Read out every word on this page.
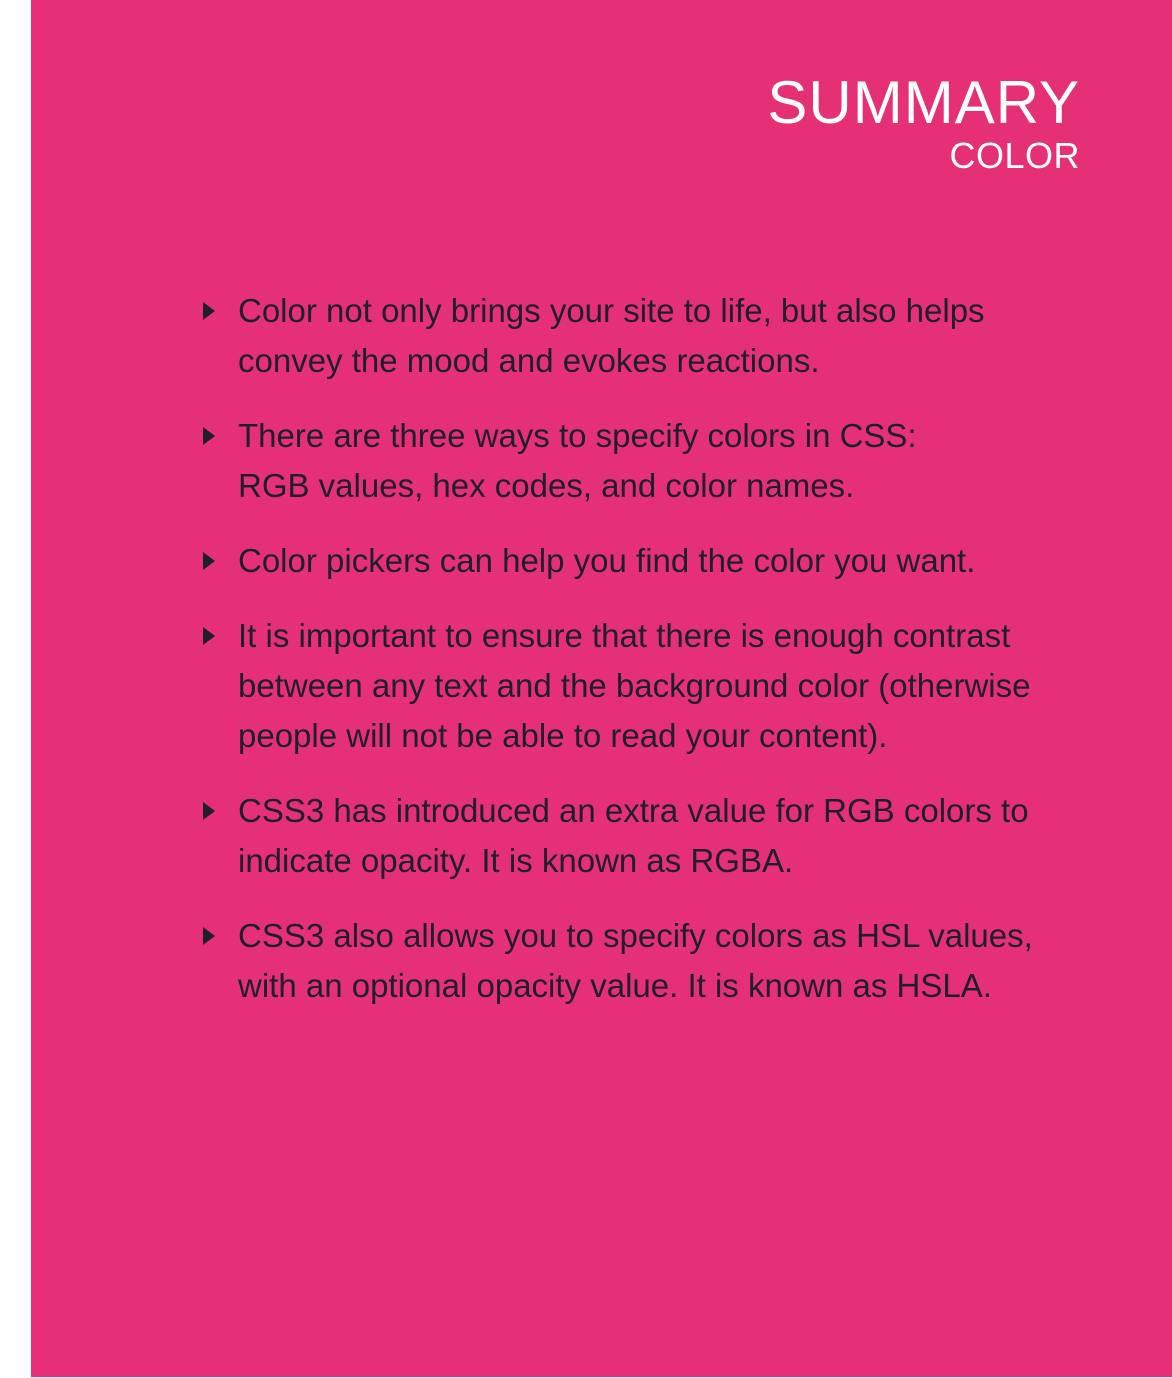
SUMMARY
COLOR
Color not only brings your site to life, but also helps
convey the mood and evokes reactions.
There are three ways to specify colors in CSS:
RGB values, hex codes, and color names.
Color pickers can help you find the color you want.
It is important to ensure that there is enough contrast
between any text and the background color (otherwise
people will not be able to read your content).
CSS3 has introduced an extra value for RGB colors to
indicate opacity. It is known as RGBA.
CSS3 also allows you to specify colors as HSL values,
with an optional opacity value. It is known as HSLA.
